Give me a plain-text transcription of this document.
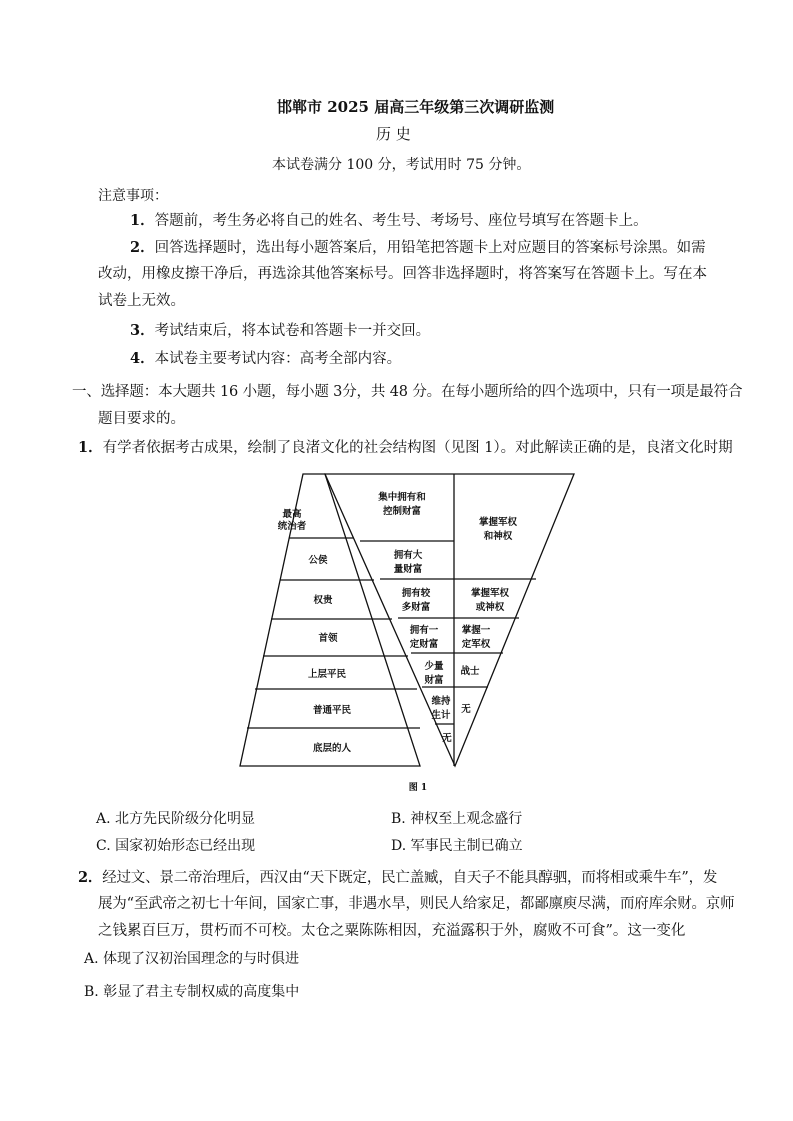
邯郸市 2025 届高三年级第三次调研监测
历 史
本试卷满分 100 分，考试用时 75 分钟。
注意事项：
1．答题前，考生务必将自己的姓名、考生号、考场号、座位号填写在答题卡上。
2．回答选择题时，选出每小题答案后，用铅笔把答题卡上对应题目的答案标号涂黑。如需
改动，用橡皮擦干净后，再选涂其他答案标号。回答非选择题时，将答案写在答题卡上。写在本
试卷上无效。
3．考试结束后，将本试卷和答题卡一并交回。
4．本试卷主要考试内容：高考全部内容。
一、选择题：本大题共 16 小题，每小题 3分，共 48 分。在每小题所给的四个选项中，只有一项是最符合
题目要求的。
1．有学者依据考古成果，绘制了良渚文化的社会结构图（见图 1）。对此解读正确的是，良渚文化时期
最高
统治者
公侯
权贵
首领
上层平民
普通平民
底层的人
集中拥有和
控制财富
拥有大
量财富
拥有较
多财富
拥有一
定财富
少量
财富
维持
生计
无
掌握军权
和神权
掌握军权
或神权
掌握一
定军权
战士
无
图 1
A. 北方先民阶级分化明显	B. 神权至上观念盛行
C. 国家初始形态已经出现	D. 军事民主制已确立
2．经过文、景二帝治理后，西汉由“天下既定，民亡盖臧，自天子不能具醇驷，而将相或乘牛车”，发
展为“至武帝之初七十年间，国家亡事，非遇水旱，则民人给家足，都鄙廪庾尽满，而府库余财。京师
之钱累百巨万，贯朽而不可校。太仓之粟陈陈相因，充溢露积于外，腐败不可食”。这一变化
A. 体现了汉初治国理念的与时俱进
B. 彰显了君主专制权威的高度集中
